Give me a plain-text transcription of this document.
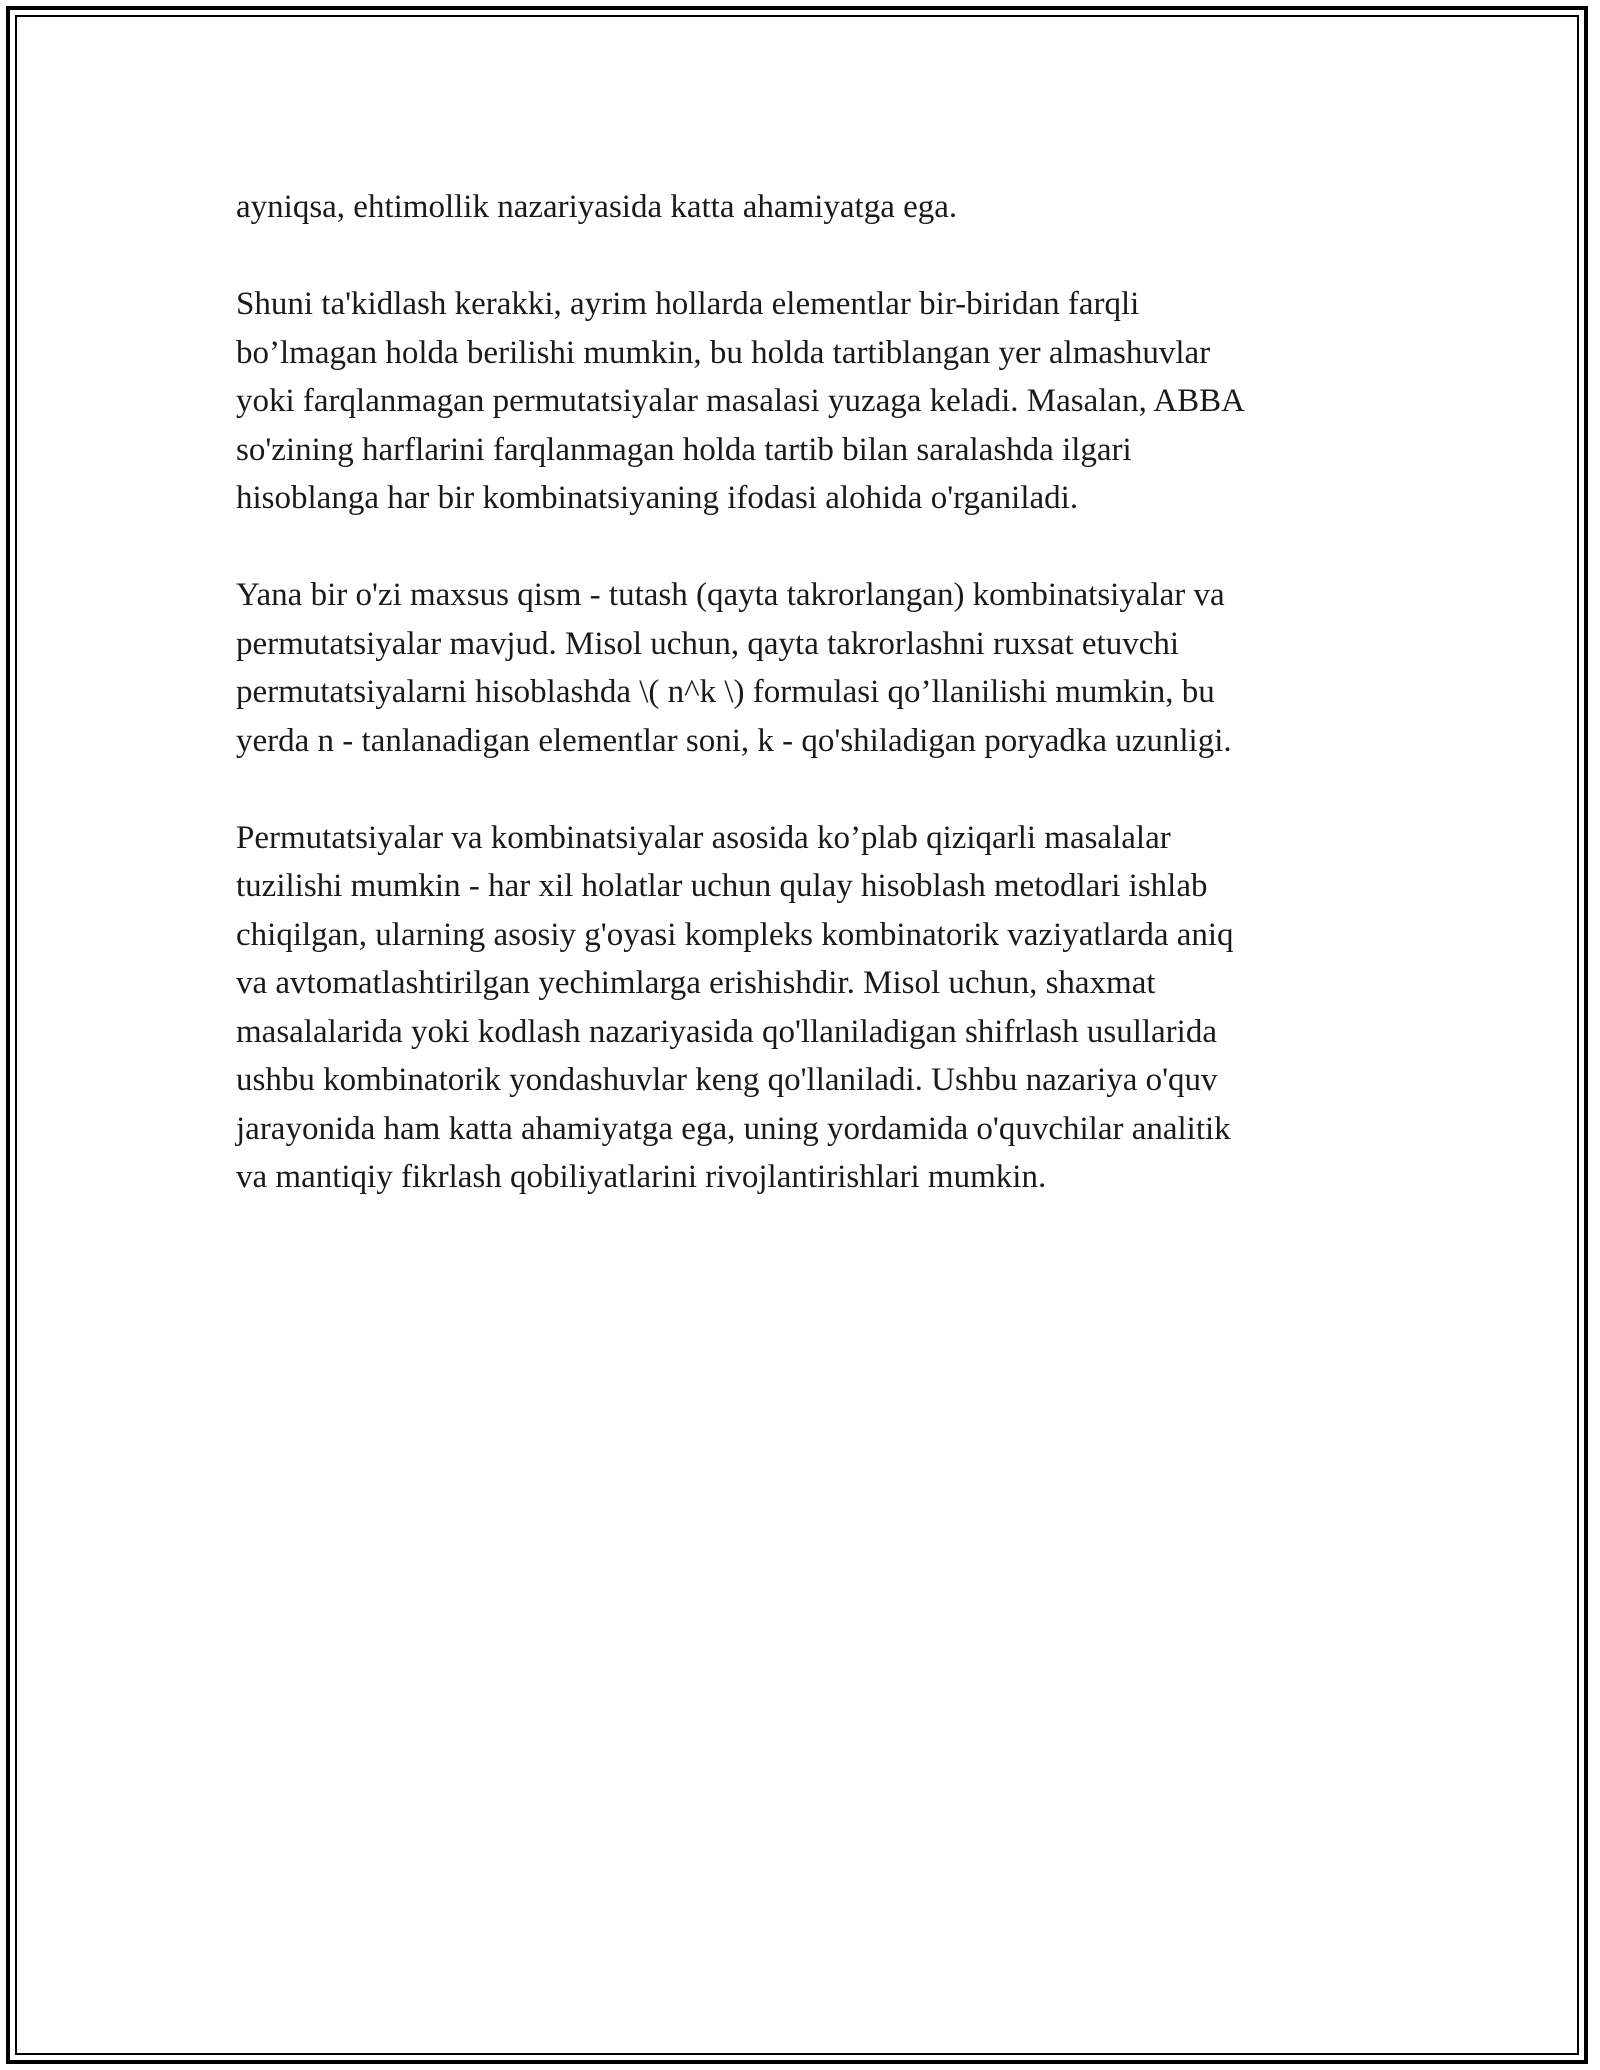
ayniqsa, ehtimollik nazariyasida katta ahamiyatga ega.

Shuni ta'kidlash kerakki, ayrim hollarda elementlar bir-biridan farqli
bo’lmagan holda berilishi mumkin, bu holda tartiblangan yer almashuvlar
yoki farqlanmagan permutatsiyalar masalasi yuzaga keladi. Masalan, ABBA
so'zining harflarini farqlanmagan holda tartib bilan saralashda ilgari
hisoblanga har bir kombinatsiyaning ifodasi alohida o'rganiladi.

Yana bir o'zi maxsus qism - tutash (qayta takrorlangan) kombinatsiyalar va
permutatsiyalar mavjud. Misol uchun, qayta takrorlashni ruxsat etuvchi
permutatsiyalarni hisoblashda \( n^k \) formulasi qo’llanilishi mumkin, bu
yerda n - tanlanadigan elementlar soni, k - qo'shiladigan poryadka uzunligi.

Permutatsiyalar va kombinatsiyalar asosida ko’plab qiziqarli masalalar
tuzilishi mumkin - har xil holatlar uchun qulay hisoblash metodlari ishlab
chiqilgan, ularning asosiy g'oyasi kompleks kombinatorik vaziyatlarda aniq
va avtomatlashtirilgan yechimlarga erishishdir. Misol uchun, shaxmat
masalalarida yoki kodlash nazariyasida qo'llaniladigan shifrlash usullarida
ushbu kombinatorik yondashuvlar keng qo'llaniladi. Ushbu nazariya o'quv
jarayonida ham katta ahamiyatga ega, uning yordamida o'quvchilar analitik
va mantiqiy fikrlash qobiliyatlarini rivojlantirishlari mumkin.
